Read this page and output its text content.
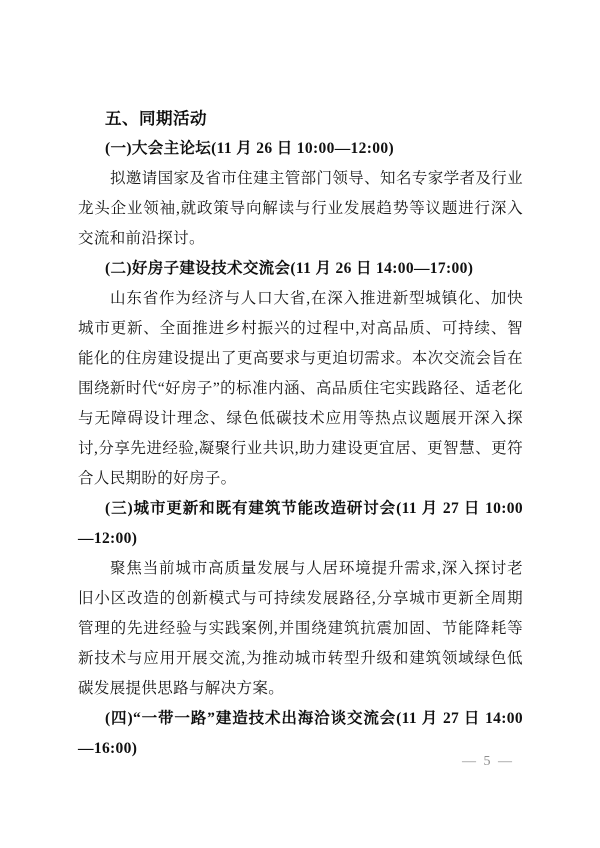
五、同期活动
(一)大会主论坛(11 月 26 日 10:00—12:00)

拟邀请国家及省市住建主管部门领导、知名专家学者及行业龙头企业领袖,就政策导向解读与行业发展趋势等议题进行深入交流和前沿探讨。

(二)好房子建设技术交流会(11 月 26 日 14:00—17:00)

山东省作为经济与人口大省,在深入推进新型城镇化、加快城市更新、全面推进乡村振兴的过程中,对高品质、可持续、智能化的住房建设提出了更高要求与更迫切需求。本次交流会旨在围绕新时代“好房子”的标准内涵、高品质住宅实践路径、适老化与无障碍设计理念、绿色低碳技术应用等热点议题展开深入探讨,分享先进经验,凝聚行业共识,助力建设更宜居、更智慧、更符合人民期盼的好房子。

(三)城市更新和既有建筑节能改造研讨会(11 月 27 日 10:00—12:00)

聚焦当前城市高质量发展与人居环境提升需求,深入探讨老旧小区改造的创新模式与可持续发展路径,分享城市更新全周期管理的先进经验与实践案例,并围绕建筑抗震加固、节能降耗等新技术与应用开展交流,为推动城市转型升级和建筑领域绿色低碳发展提供思路与解决方案。

(四)“一带一路”建造技术出海洽谈交流会(11 月 27 日 14:00—16:00)
— 5 —
